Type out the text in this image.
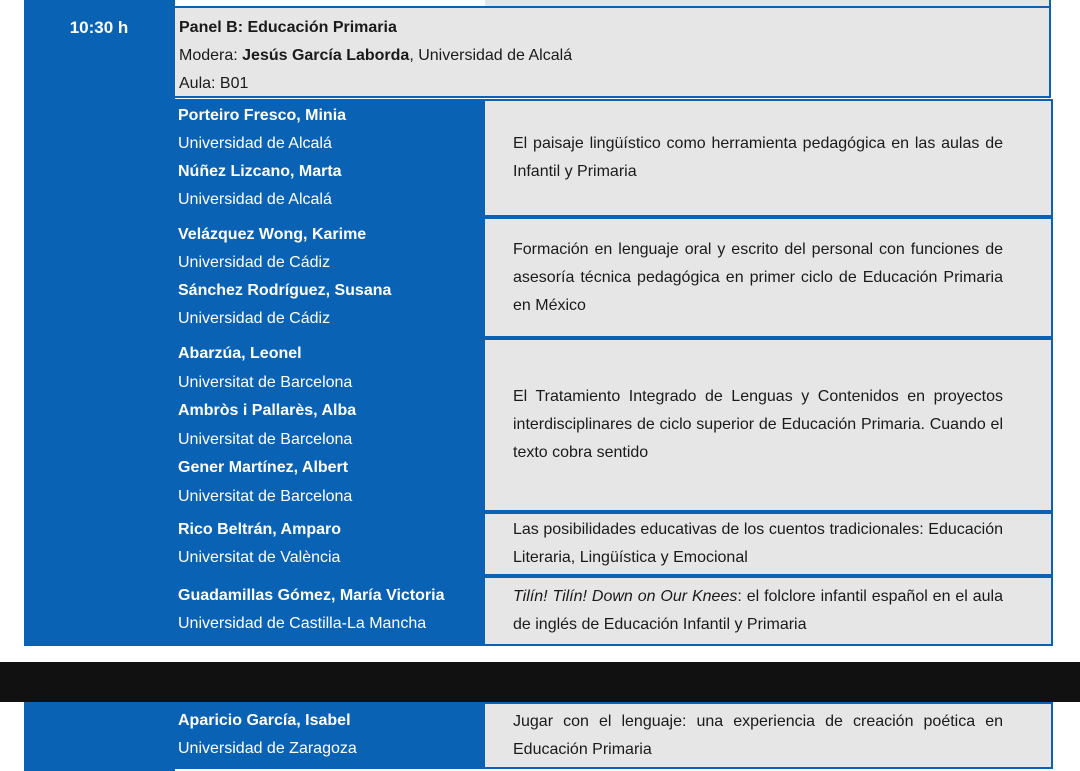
10:30 h	Panel B: Educación Primaria
Modera: Jesús García Laborda, Universidad de Alcalá
Aula: B01
Porteiro Fresco, Minia
Universidad de Alcalá
Núñez Lizcano, Marta
Universidad de Alcalá
El paisaje lingüístico como herramienta pedagógica en las aulas de Infantil y Primaria
Velázquez Wong, Karime
Universidad de Cádiz
Sánchez Rodríguez, Susana
Universidad de Cádiz
Formación en lenguaje oral y escrito del personal con funciones de asesoría técnica pedagógica en primer ciclo de Educación Primaria en México
Abarzúa, Leonel
Universitat de Barcelona
Ambròs i Pallarès, Alba
Universitat de Barcelona
Gener Martínez, Albert
Universitat de Barcelona
El Tratamiento Integrado de Lenguas y Contenidos en proyectos interdisciplinares de ciclo superior de Educación Primaria. Cuando el texto cobra sentido
Rico Beltrán, Amparo
Universitat de València
Las posibilidades educativas de los cuentos tradicionales: Educación Literaria, Lingüística y Emocional
Guadamillas Gómez, María Victoria
Universidad de Castilla-La Mancha
Tilín! Tilín! Down on Our Knees: el folclore infantil español en el aula de inglés de Educación Infantil y Primaria
Aparicio García, Isabel
Universidad de Zaragoza
Jugar con el lenguaje: una experiencia de creación poética en Educación Primaria
